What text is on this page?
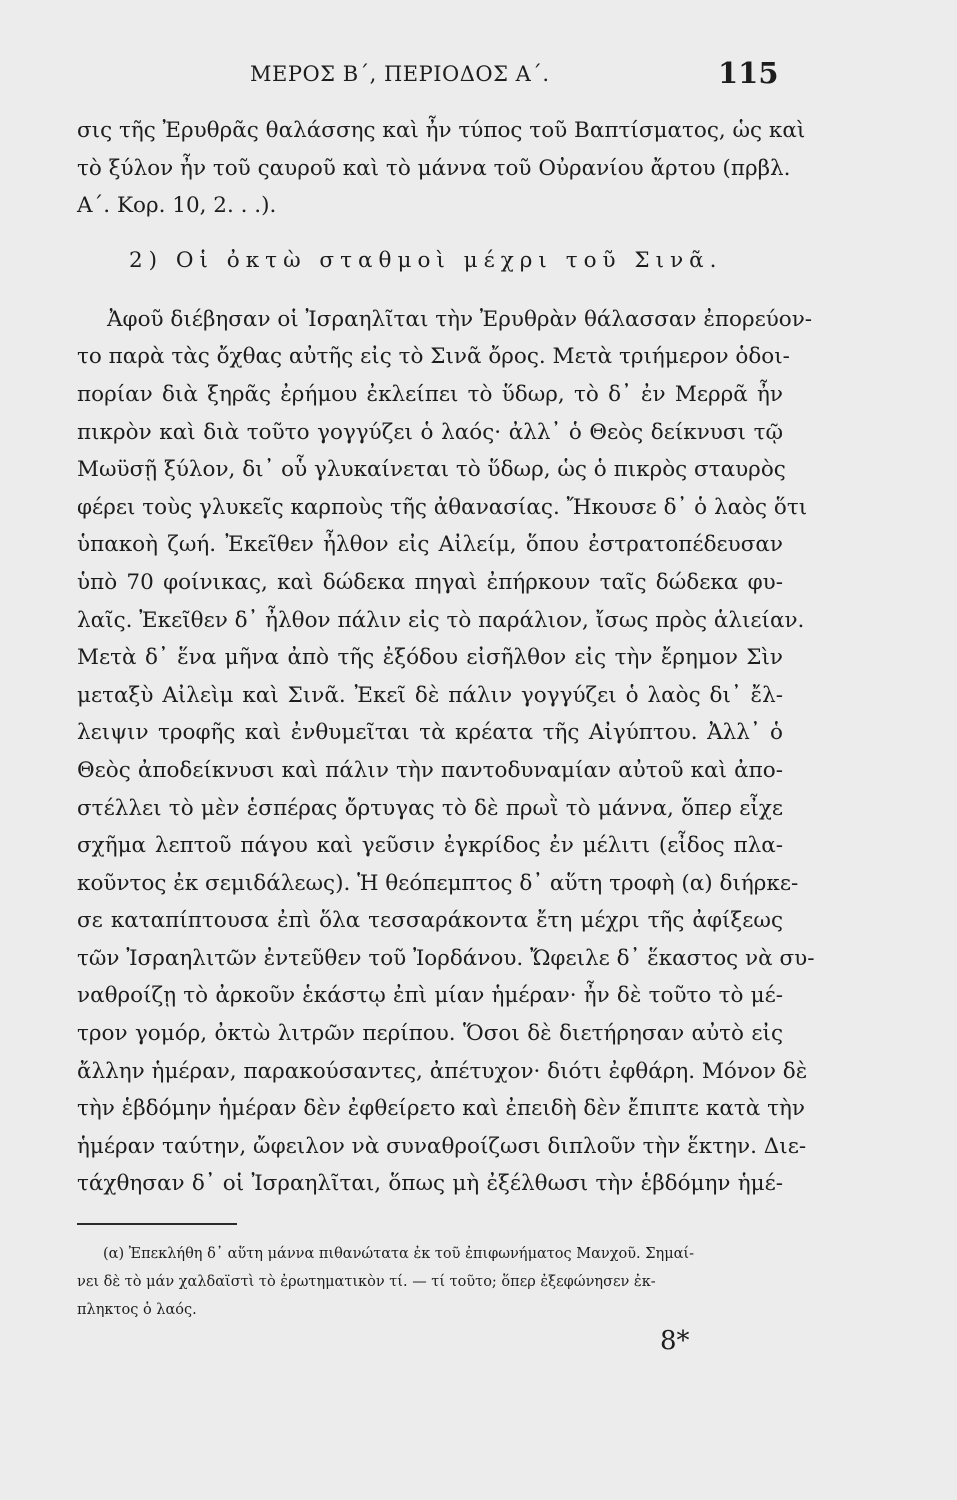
ΜΕΡΟΣ Β΄, ΠΕΡΙΟΔΟΣ Α΄.	115
σις τῆς Ἐρυθρᾶς θαλάσσης καὶ ἦν τύπος τοῦ Βαπτίσματος, ὡς καὶ
τὸ ξύλον ἦν τοῦ ςαυροῦ καὶ τὸ μάννα τοῦ Οὐρανίου ἄρτου (πρβλ.
Α΄. Κορ. 10, 2. . .).
2) Οἱ ὀκτὼ σταθμοὶ μέχρι τοῦ Σινᾶ.
Ἀφοῦ διέβησαν οἱ Ἰσραηλῖται τὴν Ἐρυθρὰν θάλασσαν ἐπορεύον-
το παρὰ τὰς ὄχθας αὐτῆς εἰς τὸ Σινᾶ ὄρος. Μετὰ τριήμερον ὁδοι-
πορίαν διὰ ξηρᾶς ἐρήμου ἐκλείπει τὸ ὕδωρ, τὸ δ᾿ ἐν Μερρᾶ ἦν
πικρὸν καὶ διὰ τοῦτο γογγύζει ὁ λαός· ἀλλ᾿ ὁ Θεὸς δείκνυσι τῷ
Μωϋσῇ ξύλον, δι᾿ οὗ γλυκαίνεται τὸ ὕδωρ, ὡς ὁ πικρὸς σταυρὸς
φέρει τοὺς γλυκεῖς καρποὺς τῆς ἀθανασίας. Ἤκουσε δ᾿ ὁ λαὸς ὅτι
ὑπακοὴ ζωή. Ἐκεῖθεν ἦλθον εἰς Αἰλείμ, ὅπου ἐστρατοπέδευσαν
ὑπὸ 70 φοίνικας, καὶ δώδεκα πηγαὶ ἐπήρκουν ταῖς δώδεκα φυ-
λαῖς. Ἐκεῖθεν δ᾿ ἦλθον πάλιν εἰς τὸ παράλιον, ἴσως πρὸς ἁλιείαν.
Μετὰ δ᾿ ἕνα μῆνα ἀπὸ τῆς ἐξόδου εἰσῆλθον εἰς τὴν ἔρημον Σὶν
μεταξὺ Αἰλεὶμ καὶ Σινᾶ. Ἐκεῖ δὲ πάλιν γογγύζει ὁ λαὸς δι᾿ ἔλ-
λειψιν τροφῆς καὶ ἐνθυμεῖται τὰ κρέατα τῆς Αἰγύπτου. Ἀλλ᾿ ὁ
Θεὸς ἀποδείκνυσι καὶ πάλιν τὴν παντοδυναμίαν αὐτοῦ καὶ ἀπο-
στέλλει τὸ μὲν ἑσπέρας ὄρτυγας τὸ δὲ πρωῒ τὸ μάννα, ὅπερ εἶχε
σχῆμα λεπτοῦ πάγου καὶ γεῦσιν ἐγκρίδος ἐν μέλιτι (εἶδος πλα-
κοῦντος ἐκ σεμιδάλεως). Ἡ θεόπεμπτος δ᾿ αὕτη τροφὴ (α) διήρκε-
σε καταπίπτουσα ἐπὶ ὅλα τεσσαράκοντα ἔτη μέχρι τῆς ἀφίξεως
τῶν Ἰσραηλιτῶν ἐντεῦθεν τοῦ Ἰορδάνου. Ὤφειλε δ᾿ ἕκαστος νὰ συ-
ναθροίζῃ τὸ ἀρκοῦν ἑκάστῳ ἐπὶ μίαν ἡμέραν· ἦν δὲ τοῦτο τὸ μέ-
τρον γομόρ, ὀκτὼ λιτρῶν περίπου. Ὅσοι δὲ διετήρησαν αὐτὸ εἰς
ἄλλην ἡμέραν, παρακούσαντες, ἀπέτυχον· διότι ἐφθάρη. Μόνον δὲ
τὴν ἑβδόμην ἡμέραν δὲν ἐφθείρετο καὶ ἐπειδὴ δὲν ἔπιπτε κατὰ τὴν
ἡμέραν ταύτην, ὤφειλον νὰ συναθροίζωσι διπλοῦν τὴν ἕκτην. Διε-
τάχθησαν δ᾿ οἱ Ἰσραηλῖται, ὅπως μὴ ἐξέλθωσι τὴν ἑβδόμην ἡμέ-
(α) Ἐπεκλήθη δ᾿ αὕτη μάννα πιθανώτατα ἐκ τοῦ ἐπιφωνήματος Μανχοῦ. Σημαί-
νει δὲ τὸ μάν χαλδαϊστὶ τὸ ἐρωτηματικὸν τί. — τί τοῦτο; ὅπερ ἐξεφώνησεν ἐκ-
πληκτος ὁ λαός.
8*
